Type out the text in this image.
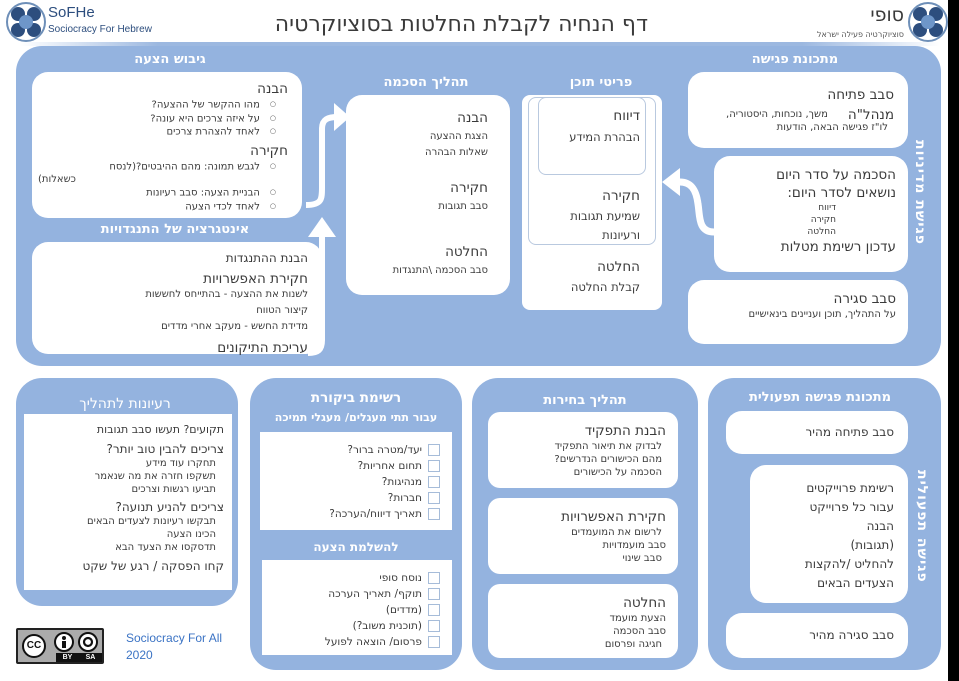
SoFHe
Sociocracy For Hebrew	דף הנחיה לקבלת החלטות בסוציוקרטיה	סופי
סוציוקרטיה פעילה ישראל
פגישת מדיניות
מתכונת פגישה
סבב פתיחה
מנהל"ה
משך, נוכחות, היסטוריה,
לו"ז פגישה הבאה, הודעות
הסכמה על סדר היום
נושאים לסדר היום:
דיווח
חקירה
החלטה
עדכון רשימת מטלות
סבב סגירה
על התהליך, תוכן ועניינים בינאישיים
פריטי תוכן
דיווח
הבהרת המידע
חקירה
שמיעת תגובות
ורעיונות
החלטה
קבלת החלטה
תהליך הסכמה
הבנה
הצגת ההצעה
שאלות הבהרה
חקירה
סבב תגובות
החלטה
סבב הסכמה \התנגדות
גיבוש הצעה
הבנה
○ מהו ההקשר של ההצעה?
○ על איזה צרכים היא עונה?
○ לאחד להצהרת צרכים
חקירה
○ לגבש תמונה: מהם ההיבטים?(לנסח
כשאלות)
○ הבניית הצעה: סבב רעיונות
○ לאחד לכדי הצעה
אינטגרציה של התנגדויות
הבנת ההתנגדות
חקירת האפשרויות
לשנות את ההצעה - בהתייחס לחששות
קיצור הטווח
מדידת החשש - מעקב אחרי מדדים
עריכת התיקונים
מתכונת פגישה תפעולית
פגישה תפעולית
סבב פתיחה מהיר
רשימת פרוייקטים
עבור כל פרוייקט
הבנה
(תגובות)
להחליט /להקצות
הצעדים הבאים
סבב סגירה מהיר
תהליך בחירות
הבנת התפקיד
לבדוק את תיאור התפקיד
מהם הכישורים הנדרשים?
הסכמה על הכישורים
חקירת האפשרויות
לרשום את המועמדים
סבב מועמדויות
סבב שינוי
החלטה
הצעת מועמד
סבב הסכמה
חגיגה ופרסום
רשימת ביקורת
עבור תתי מעגלים/ מעגלי תמיכה
יעד/מטרה ברור?
תחום אחריות?
מנהיגות?
חברות?
תאריך דיווח/הערכה?
להשלמת הצעה
נוסח סופי
תוקף/ תאריך הערכה
(מדדים)
(תוכנית משוב?)
פרסום/ הוצאה לפועל
רעיונות לתהליך
תקועים? תעשו סבב תגובות
צריכים להבין טוב יותר?
תחקרו עוד מידע
תשקפו חזרה את מה שנאמר
תביעו רגשות וצרכים
צריכים להניע תנועה?
תבקשו רעיונות לצעדים הבאים
הכינו הצעה
תדסקסו את הצעד הבא
קחו הפסקה / רגע של שקט
CC
BY SA
Sociocracy For All
2020
